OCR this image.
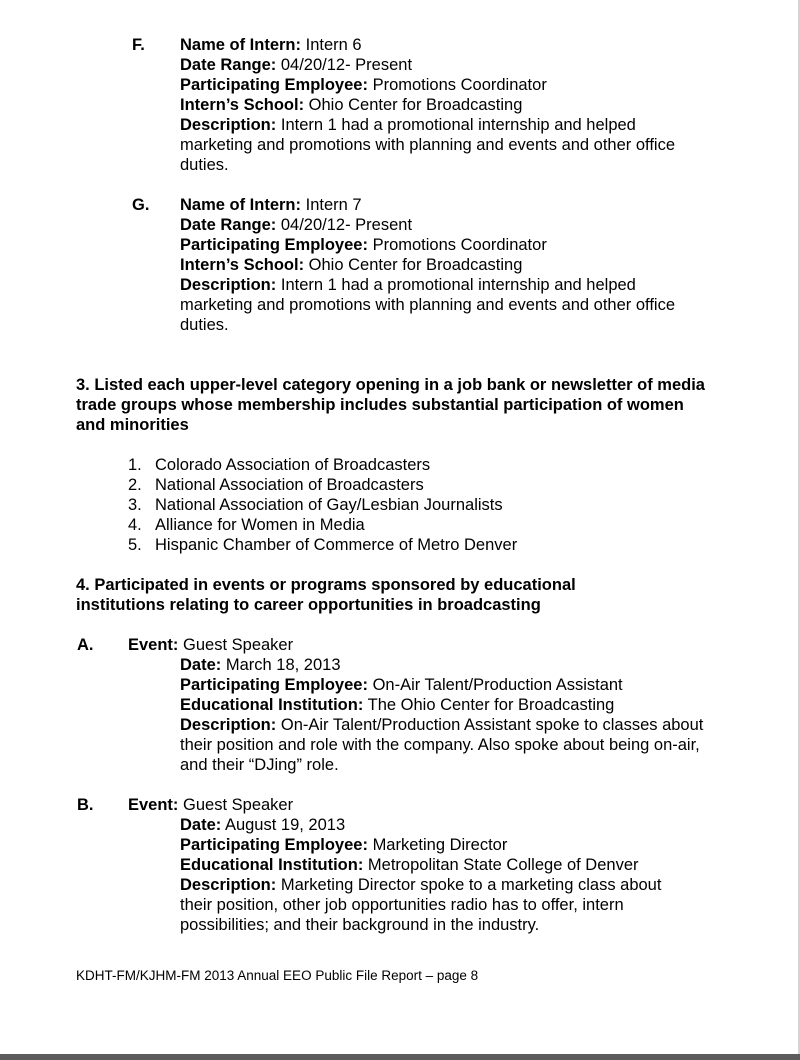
F. Name of Intern: Intern 6
Date Range: 04/20/12- Present
Participating Employee: Promotions Coordinator
Intern’s School: Ohio Center for Broadcasting
Description: Intern 1 had a promotional internship and helped marketing and promotions with planning and events and other office duties.
G. Name of Intern: Intern 7
Date Range: 04/20/12- Present
Participating Employee: Promotions Coordinator
Intern’s School: Ohio Center for Broadcasting
Description: Intern 1 had a promotional internship and helped marketing and promotions with planning and events and other office duties.
3. Listed each upper-level category opening in a job bank or newsletter of media trade groups whose membership includes substantial participation of women and minorities
1. Colorado Association of Broadcasters
2. National Association of Broadcasters
3. National Association of Gay/Lesbian Journalists
4. Alliance for Women in Media
5. Hispanic Chamber of Commerce of Metro Denver
4. Participated in events or programs sponsored by educational institutions relating to career opportunities in broadcasting
A. Event: Guest Speaker
Date: March 18, 2013
Participating Employee: On-Air Talent/Production Assistant
Educational Institution: The Ohio Center for Broadcasting
Description: On-Air Talent/Production Assistant spoke to classes about their position and role with the company. Also spoke about being on-air, and their “DJing” role.
B. Event: Guest Speaker
Date: August 19, 2013
Participating Employee: Marketing Director
Educational Institution: Metropolitan State College of Denver
Description: Marketing Director spoke to a marketing class about their position, other job opportunities radio has to offer, intern possibilities; and their background in the industry.
KDHT-FM/KJHM-FM 2013 Annual EEO Public File Report – page 8
